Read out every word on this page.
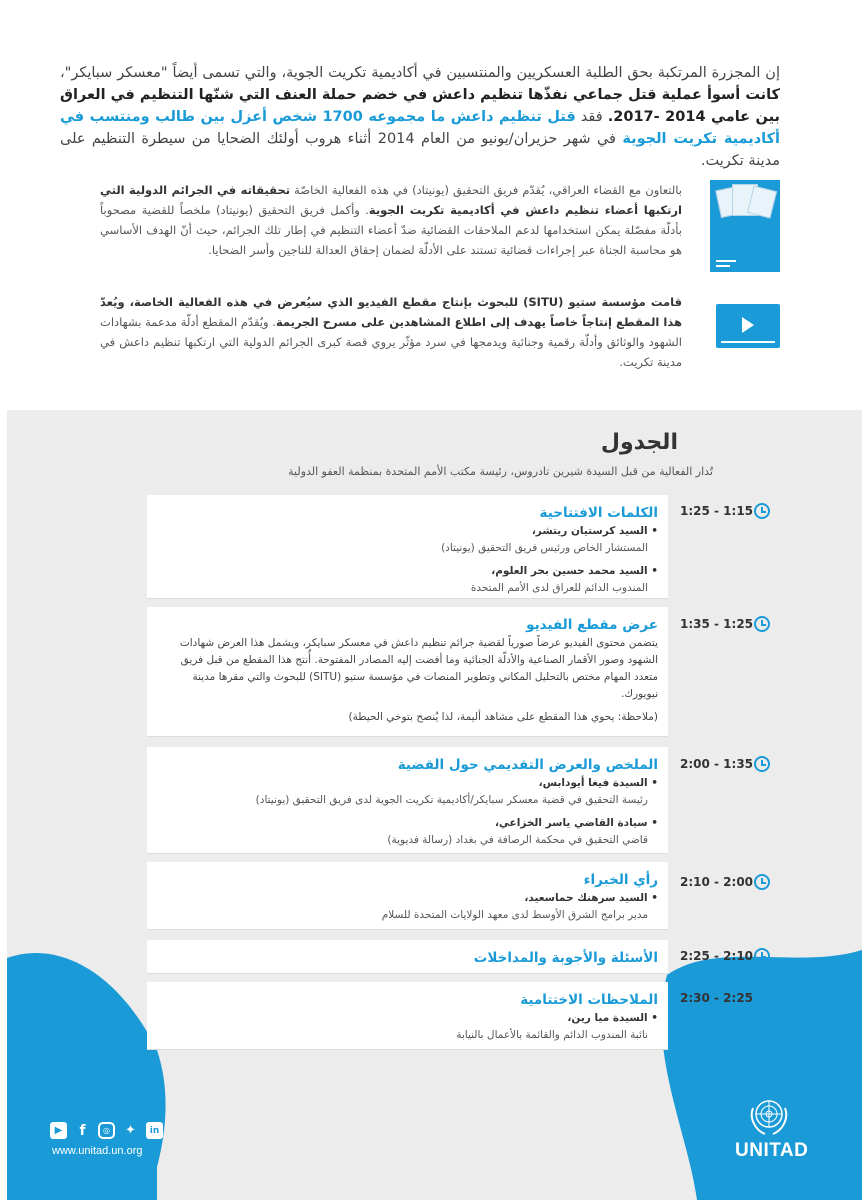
إن المجزرة المرتكبة بحق الطلبة العسكريين والمنتسبين في أكاديمية تكريت الجوية، والتي تسمى أيضاً "معسكر سبايكر"، كانت أسوأ عملية قتل جماعي نفذّها تنظيم داعش في خضم حملة العنف التي شنّها التنظيم في العراق بين عامي 2014 -2017. فقد قتل تنظيم داعش ما مجموعه 1700 شخص أعزل بين طالب ومنتسب في أكاديمية تكريت الجوية في شهر حزيران/يونيو من العام 2014 أثناء هروب أولئك الضحايا من سيطرة التنظيم على مدينة تكريت.
بالتعاون مع القضاء العراقي، يُقدّم فريق التحقيق (يونيتاد) في هذه الفعالية الخاصّة تحقيقاته في الجرائم الدولية التي ارتكبها أعضاء تنظيم داعش في أكاديمية تكريت الجوية. وأكمل فريق التحقيق (يونيتاد) ملخصاً للقضية مصحوباً بأدلّة مفصّلة يمكن استخدامها لدعم الملاحقات القضائية ضدّ أعضاء التنظيم في إطار تلك الجرائم، حيث أنّ الهدف الأساسي هو محاسبة الجناة عبر إجراءات قضائية تستند على الأدلّة لضمان إحقاق العدالة للناجين وأسر الضحايا.
قامت مؤسسة ستيو (SITU) للبحوث بإنتاج مقطع الفيديو الذي سيُعرض في هذه الفعالية الخاصة، ويُعدّ هذا المقطع إنتاجاً خاصاً يهدف إلى اطلاع المشاهدين على مسرح الجريمة. ويُقدّم المقطع أدلّة مدعمة بشهادات الشهود والوثائق وأدلّة رقمية وجنائية ويدمجها في سرد مؤثّر يروي قصة كبرى الجرائم الدولية التي ارتكبها تنظيم داعش في مدينة تكريت.
الجدول
تُدار الفعالية من قبل السيدة شيرين تادروس، رئيسة مكتب الأمم المتحدة بمنظمة العفو الدولية
1:25 - 1:15
الكلمات الافتتاحية
• السيد كرستيان ريتشر،
المستشار الخاص ورئيس فريق التحقيق (يونيتاد)
• السيد محمد حسين بحر العلوم،
المندوب الدائم للعراق لدى الأمم المتحدة
1:35 - 1:25
عرض مقطع الفيديو
يتضمن محتوى الفيديو عرضاً صورياً لقضية جرائم تنظيم داعش في معسكر سبايكر، ويشمل هذا العرض شهادات الشهود وصور الأقمار الصناعية والأدلّة الجنائية وما أفضت إليه المصادر المفتوحة. أُنتج هذا المقطع من قبل فريق متعدد المهام مختص بالتحليل المكاني وتطوير المنصات في مؤسسة ستيو (SITU) للبحوث والتي مقرها مدينة نيويورك.
(ملاحظة: يحوي هذا المقطع على مشاهد أليمة، لذا يُنصح بتوخي الحيطة)
2:00 - 1:35
الملخص والعرض التقديمي حول القضية
• السيدة فيغا أيودابس،
رئيسة التحقيق في قضية معسكر سبايكر/أكاديمية تكريت الجوية لدى فريق التحقيق (يونيتاد)
• سيادة القاضي ياسر الخزاعي،
قاضي التحقيق في محكمة الرصافة في بغداد (رسالة فديوية)
2:10 - 2:00
رأي الخبراء
• السيد سرهنك حماسعيد،
مدير برامج الشرق الأوسط لدى معهد الولايات المتحدة للسلام
2:25 - 2:10
الأسئلة والأجوبة والمداخلات
2:30 - 2:25
الملاحظات الاختتامية
• السيدة ميا رين،
نائبة المندوب الدائم والقائمة بالأعمال بالنيابة
▶	f	◎	✦	in
www.unitad.un.org	UNITAD
